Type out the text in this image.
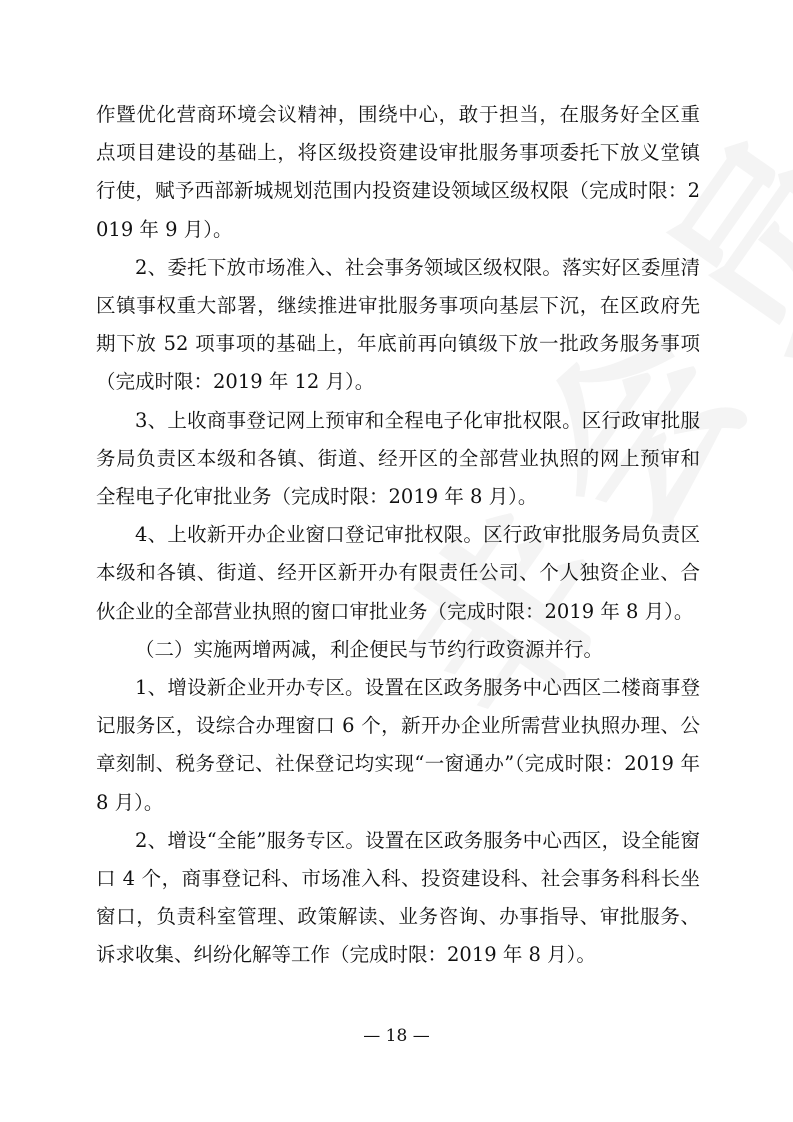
作暨优化营商环境会议精神，围绕中心，敢于担当，在服务好全区重点项目建设的基础上，将区级投资建设审批服务事项委托下放义堂镇行使，赋予西部新城规划范围内投资建设领域区级权限（完成时限：2019 年 9 月）。

2、委托下放市场准入、社会事务领域区级权限。落实好区委厘清区镇事权重大部署，继续推进审批服务事项向基层下沉，在区政府先期下放 52 项事项的基础上，年底前再向镇级下放一批政务服务事项（完成时限：2019 年 12 月）。

3、上收商事登记网上预审和全程电子化审批权限。区行政审批服务局负责区本级和各镇、街道、经开区的全部营业执照的网上预审和全程电子化审批业务（完成时限：2019 年 8 月）。

4、上收新开办企业窗口登记审批权限。区行政审批服务局负责区本级和各镇、街道、经开区新开办有限责任公司、个人独资企业、合伙企业的全部营业执照的窗口审批业务（完成时限：2019 年 8 月）。

（二）实施两增两减，利企便民与节约行政资源并行。

1、增设新企业开办专区。设置在区政务服务中心西区二楼商事登记服务区，设综合办理窗口 6 个，新开办企业所需营业执照办理、公章刻制、税务登记、社保登记均实现“一窗通办”（完成时限：2019 年 8 月）。

2、增设“全能”服务专区。设置在区政务服务中心西区，设全能窗口 4 个，商事登记科、市场准入科、投资建设科、社会事务科科长坐窗口，负责科室管理、政策解读、业务咨询、办事指导、审批服务、诉求收集、纠纷化解等工作（完成时限：2019 年 8 月）。

— 18 —
